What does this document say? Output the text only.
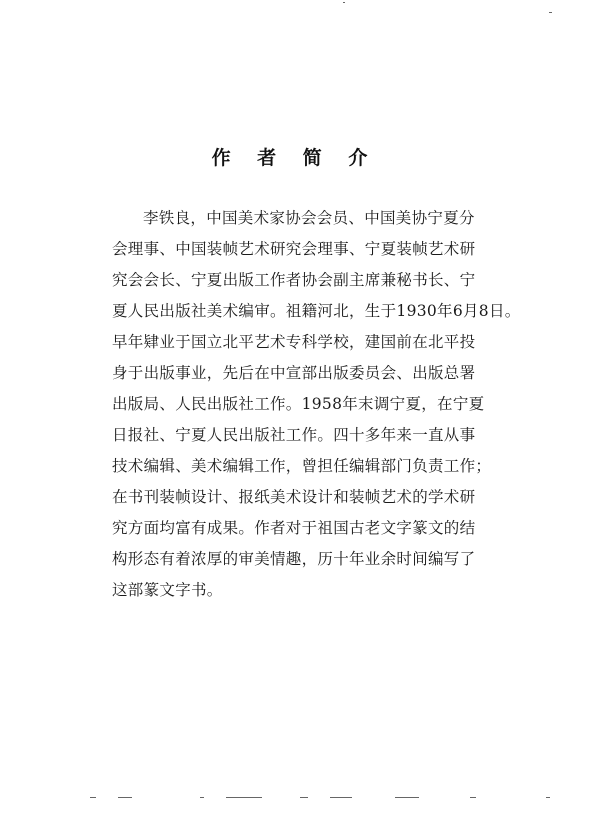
作 者 简 介
李铁良，中国美术家协会会员、中国美协宁夏分
会理事、中国装帧艺术研究会理事、宁夏装帧艺术研
究会会长、宁夏出版工作者协会副主席兼秘书长、宁
夏人民出版社美术编审。祖籍河北，生于1930年6月8日。
早年肄业于国立北平艺术专科学校，建国前在北平投
身于出版事业，先后在中宣部出版委员会、出版总署
出版局、人民出版社工作。1958年末调宁夏，在宁夏
日报社、宁夏人民出版社工作。四十多年来一直从事
技术编辑、美术编辑工作，曾担任编辑部门负责工作；
在书刊装帧设计、报纸美术设计和装帧艺术的学术研
究方面均富有成果。作者对于祖国古老文字篆文的结
构形态有着浓厚的审美情趣，历十年业余时间编写了
这部篆文字书。
